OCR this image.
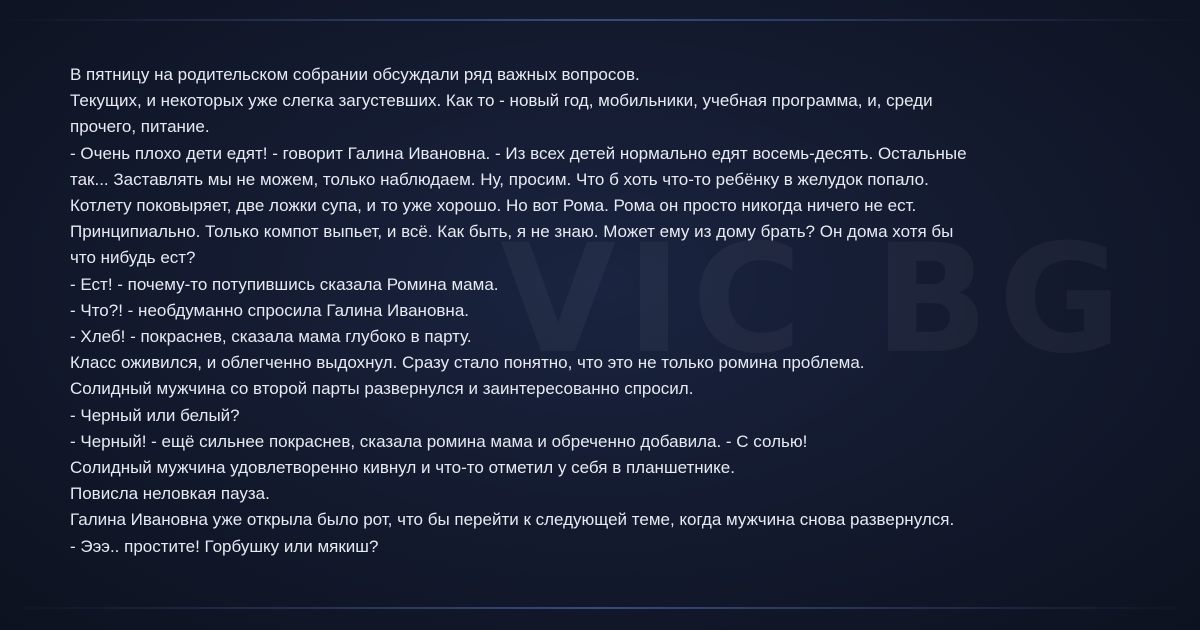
В пятницу на родительском собрании обсуждали ряд важных вопросов.
Текущих, и некоторых уже слегка загустевших. Как то - новый год, мобильники, учебная программа, и, среди
прочего, питание.
- Очень плохо дети едят! - говорит Галина Ивановна. - Из всех детей нормально едят восемь-десять. Остальные
так... Заставлять мы не можем, только наблюдаем. Ну, просим. Что б хоть что-то ребёнку в желудок попало.
Котлету поковыряет, две ложки супа, и то уже хорошо. Но вот Рома. Рома он просто никогда ничего не ест.
Принципиально. Только компот выпьет, и всё. Как быть, я не знаю. Может ему из дому брать? Он дома хотя бы
что нибудь ест?
- Ест! - почему-то потупившись сказала Ромина мама.
- Что?! - необдуманно спросила Галина Ивановна.
- Хлеб! - покраснев, сказала мама глубоко в парту.
Класс оживился, и облегченно выдохнул. Сразу стало понятно, что это не только ромина проблема.
Солидный мужчина со второй парты развернулся и заинтересованно спросил.
- Черный или белый?
- Черный! - ещё сильнее покраснев, сказала ромина мама и обреченно добавила. - С солью!
Солидный мужчина удовлетворенно кивнул и что-то отметил у себя в планшетнике.
Повисла неловкая пауза.
Галина Ивановна уже открыла было рот, что бы перейти к следующей теме, когда мужчина снова развернулся.
- Эээ.. простите! Горбушку или мякиш?
